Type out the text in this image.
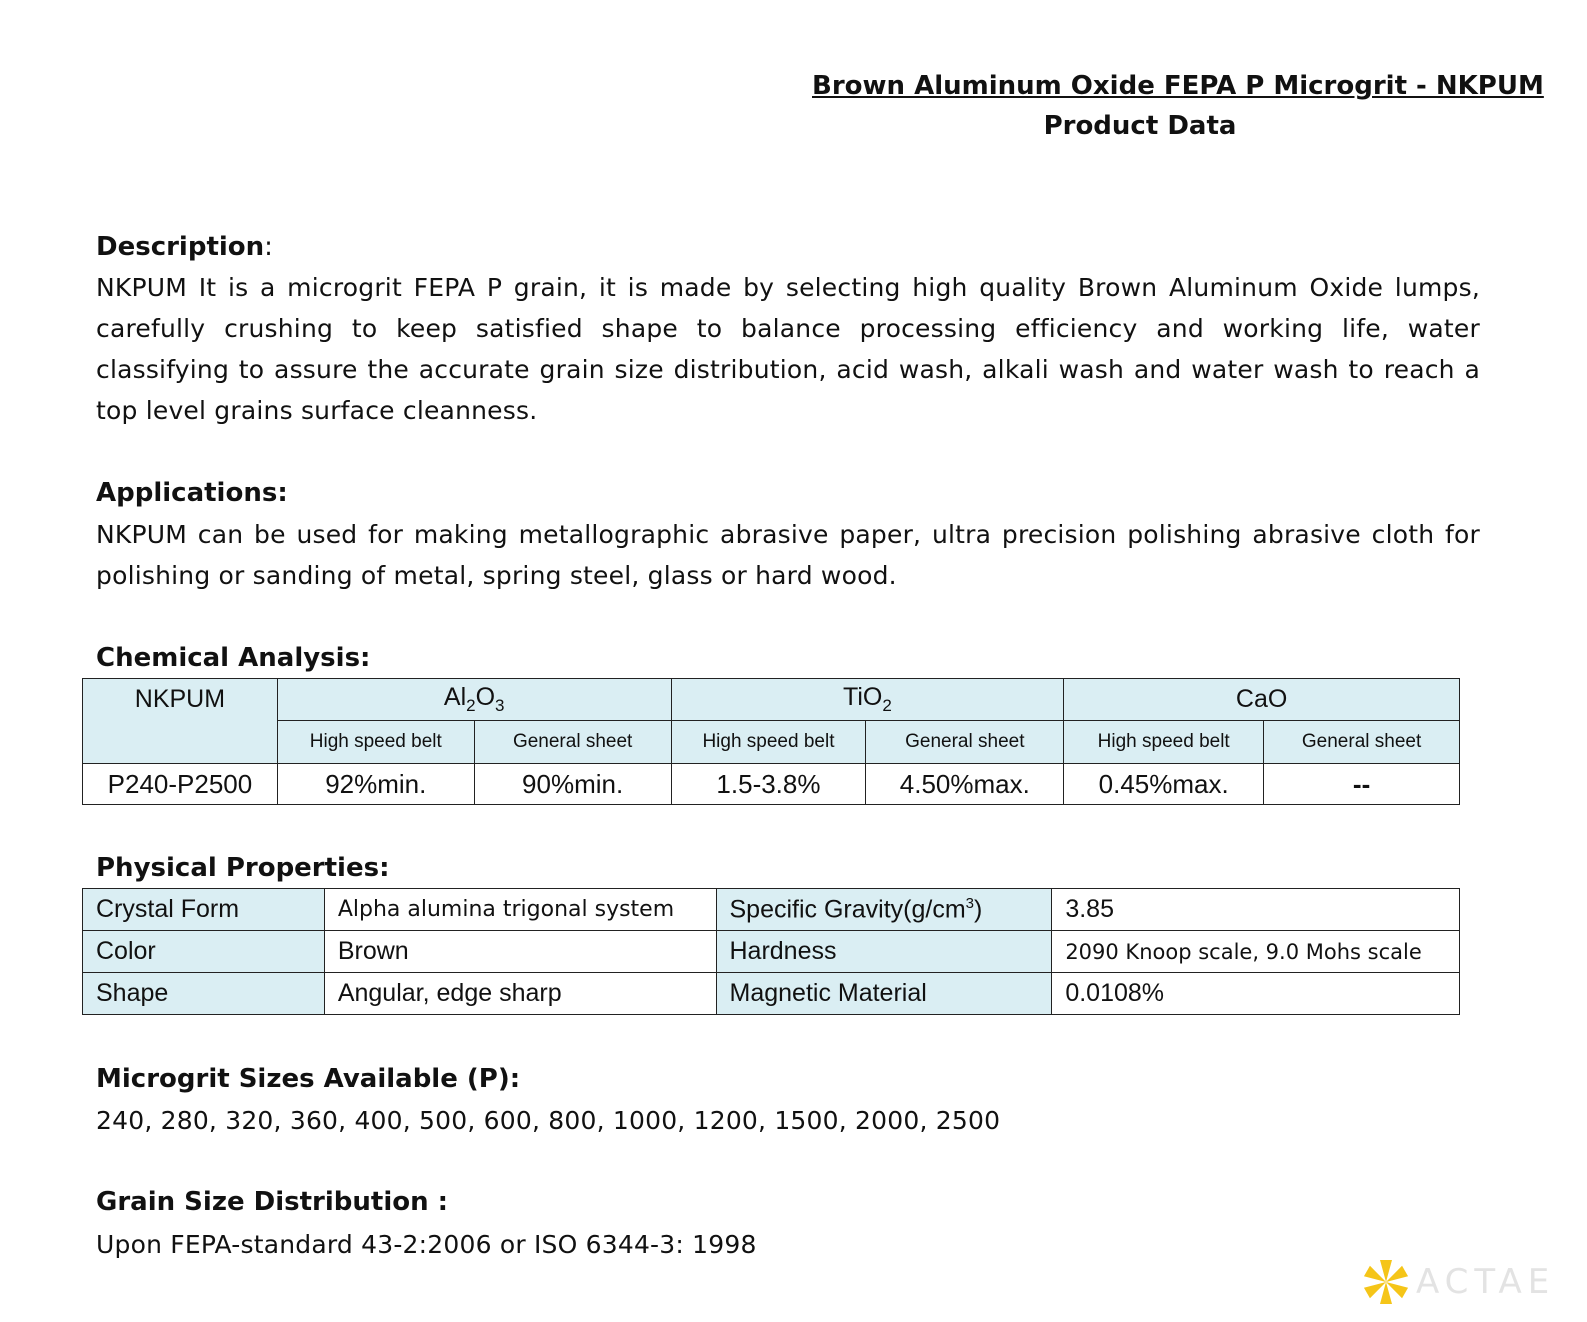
Brown Aluminum Oxide FEPA P Microgrit - NKPUM
Product Data
Description:
NKPUM It is a microgrit FEPA P grain, it is made by selecting high quality Brown Aluminum Oxide lumps, carefully crushing to keep satisfied shape to balance processing efficiency and working life, water classifying to assure the accurate grain size distribution, acid wash, alkali wash and water wash to reach a top level grains surface cleanness.
Applications:
NKPUM can be used for making metallographic abrasive paper, ultra precision polishing abrasive cloth for polishing or sanding of metal, spring steel, glass or hard wood.
Chemical Analysis:
NKPUM	$Al_2O_3$		TiO$_2$		CaO	
	High speed belt	General sheet	High speed belt	General sheet	High speed belt	General sheet
P240-P2500	92%min.	90%min.	1.5-3.8%	4.50%max.	0.45%max.	--
Physical Properties:
Crystal Form	Alpha alumina trigonal system	Specific $Gravity(g/cm^3)$	3.85
Color	Brown	Hardness	2090 Knoop scale, 9.0 Mohs scale
Shape	Angular, edge sharp	Magnetic Material	0.0108%
Microgrit Sizes Available (P):
240, 280, 320, 360, 400, 500, 600, 800, 1000, 1200, 1500, 2000, 2500
Grain Size Distribution :
Upon FEPA-standard 43-2:2006 or ISO 6344-3: 1998
ACTAE
